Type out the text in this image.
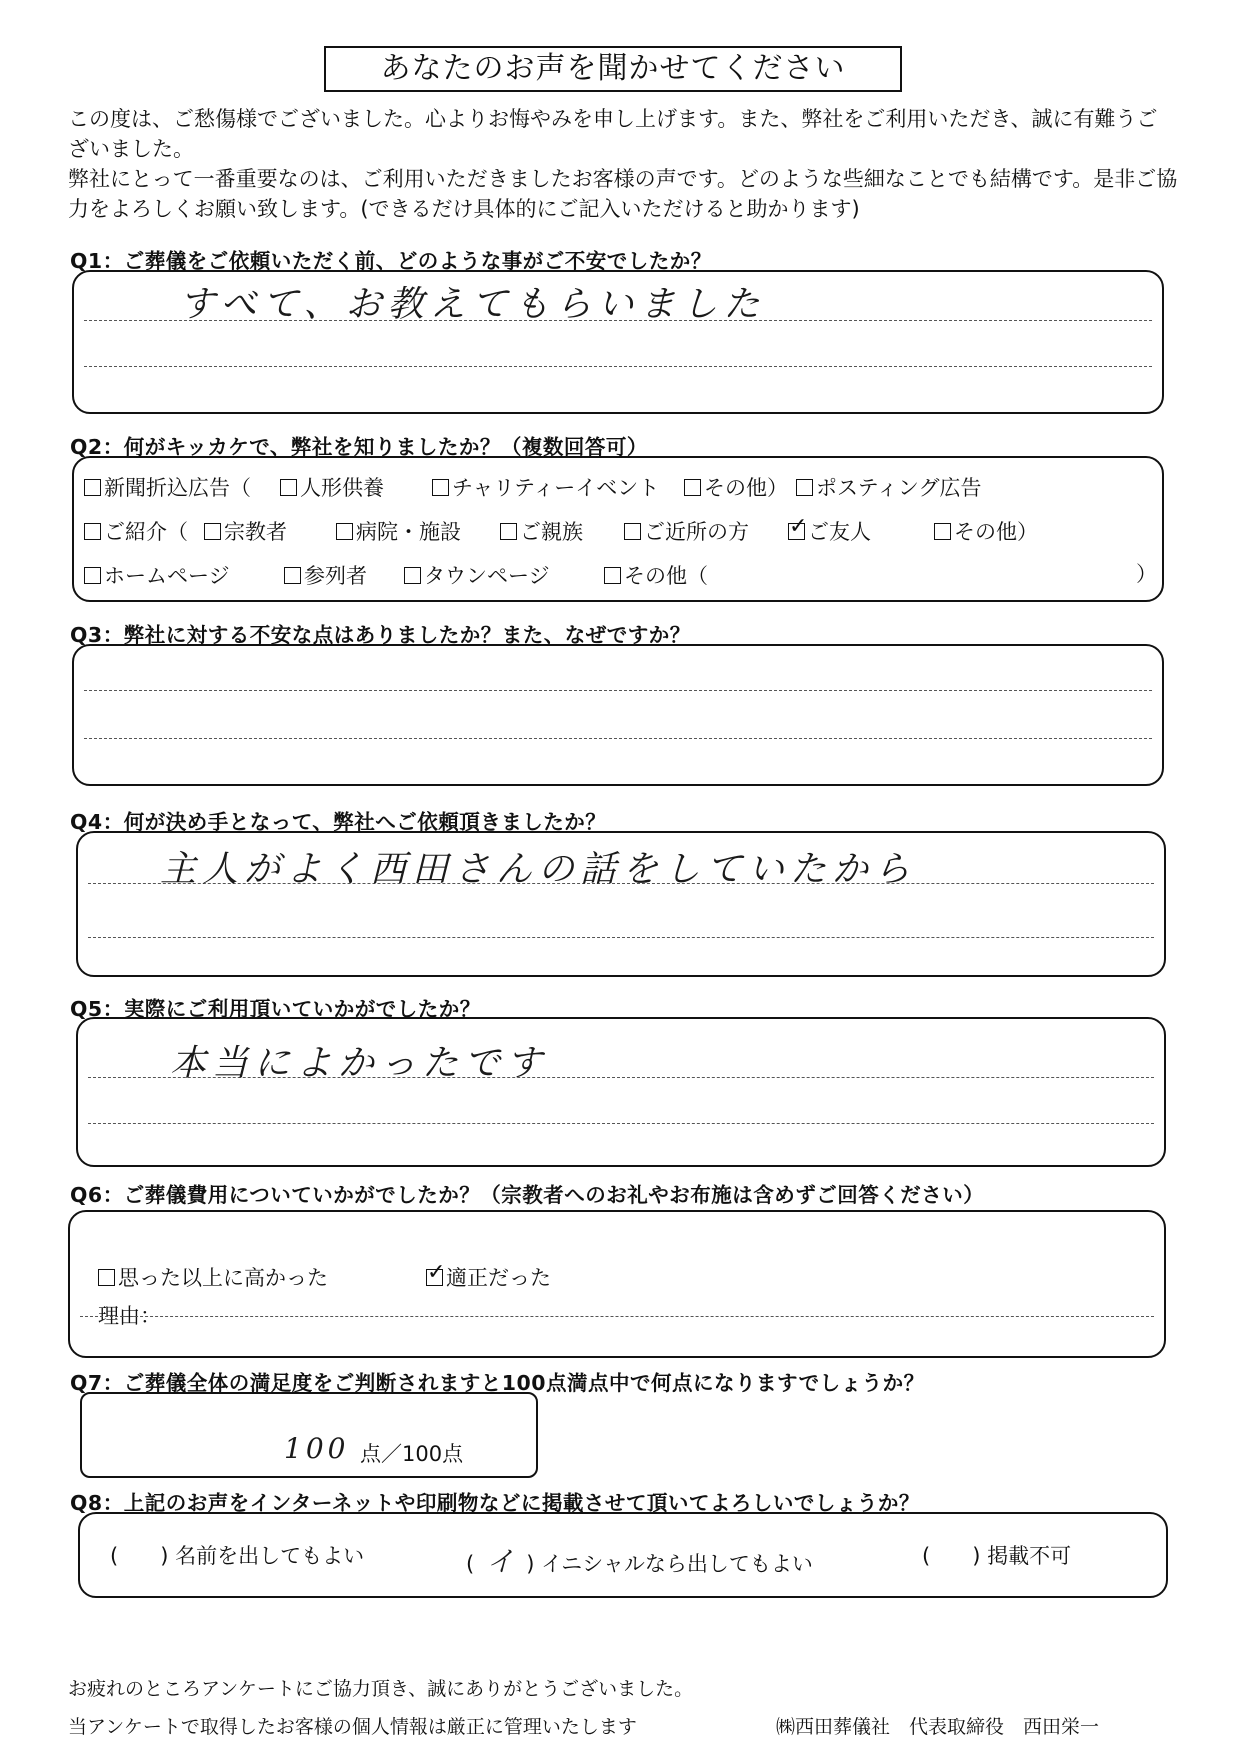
あなたのお声を聞かせてください

この度は、ご愁傷様でございました。心よりお悔やみを申し上げます。また、弊社をご利用いただき、誠に有難うございました。

弊社にとって一番重要なのは、ご利用いただきましたお客様の声です。どのような些細なことでも結構です。是非ご協力をよろしくお願い致します。(できるだけ具体的にご記入いただけると助かります)

Q1：ご葬儀をご依頼いただく前、どのような事がご不安でしたか？
すべて、お教えてもらいました
Q2：何がキッカケで、弊社を知りましたか？（複数回答可）
新聞折込広告（	人形供養	チャリティーイベント	その他）	ポスティング広告
ご紹介（	宗教者	病院・施設	ご親族	ご近所の方 ✓	ご友人	その他）
ホームページ	参列者	タウンページ	その他（	）
Q3：弊社に対する不安な点はありましたか？また、なぜですか？
Q4：何が決め手となって、弊社へご依頼頂きましたか？
主人がよく西田さんの話をしていたから
Q5：実際にご利用頂いていかがでしたか？
本当によかったです
Q6：ご葬儀費用についていかがでしたか？（宗教者へのお礼やお布施は含めずご回答ください）
思った以上に高かった ✓	適正だった
理由：
Q7：ご葬儀全体の満足度をご判断されますと100点満点中で何点になりますでしょうか？
100 点／100点
Q8：上記のお声をインターネットや印刷物などに掲載させて頂いてよろしいでしょうか？
(　　) 名前を出してもよい	( イ ) イニシャルなら出してもよい	(　　) 掲載不可
お疲れのところアンケートにご協力頂き、誠にありがとうございました。
当アンケートで取得したお客様の個人情報は厳正に管理いたします	㈱西田葬儀社　代表取締役　西田栄一
